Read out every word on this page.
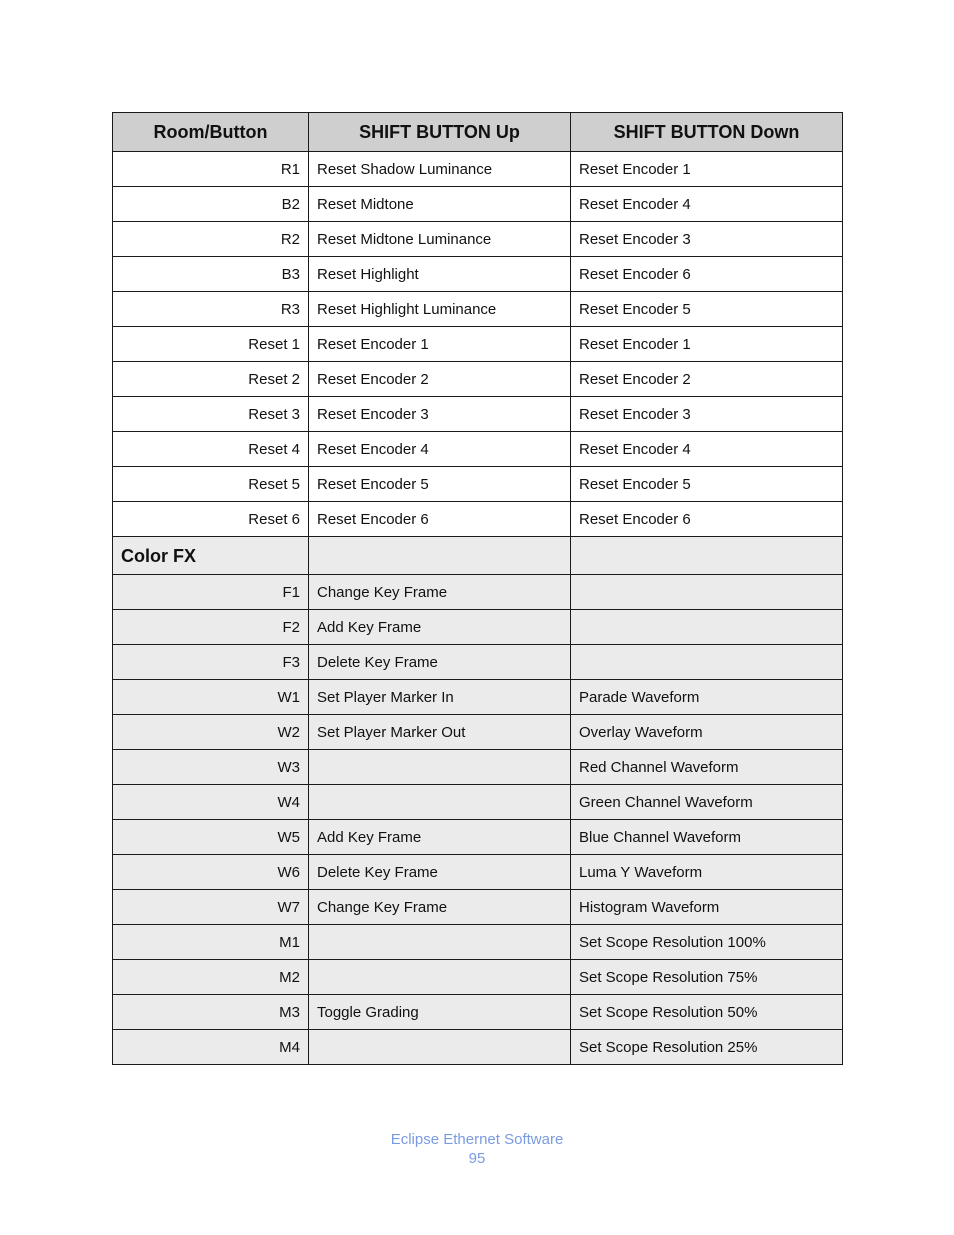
Room/Button	SHIFT BUTTON Up	SHIFT BUTTON Down
R1	Reset Shadow Luminance	Reset Encoder 1
B2	Reset Midtone	Reset Encoder 4
R2	Reset Midtone Luminance	Reset Encoder 3
B3	Reset Highlight	Reset Encoder 6
R3	Reset Highlight Luminance	Reset Encoder 5
Reset 1	Reset Encoder 1	Reset Encoder 1
Reset 2	Reset Encoder 2	Reset Encoder 2
Reset 3	Reset Encoder 3	Reset Encoder 3
Reset 4	Reset Encoder 4	Reset Encoder 4
Reset 5	Reset Encoder 5	Reset Encoder 5
Reset 6	Reset Encoder 6	Reset Encoder 6
Color FX		
F1	Change Key Frame	
F2	Add Key Frame	
F3	Delete Key Frame	
W1	Set Player Marker In	Parade Waveform
W2	Set Player Marker Out	Overlay Waveform
W3		Red Channel Waveform
W4		Green Channel Waveform
W5	Add Key Frame	Blue Channel Waveform
W6	Delete Key Frame	Luma Y Waveform
W7	Change Key Frame	Histogram Waveform
M1		Set Scope Resolution 100%
M2		Set Scope Resolution 75%
M3	Toggle Grading	Set Scope Resolution 50%
M4		Set Scope Resolution 25%
Eclipse Ethernet Software
95
